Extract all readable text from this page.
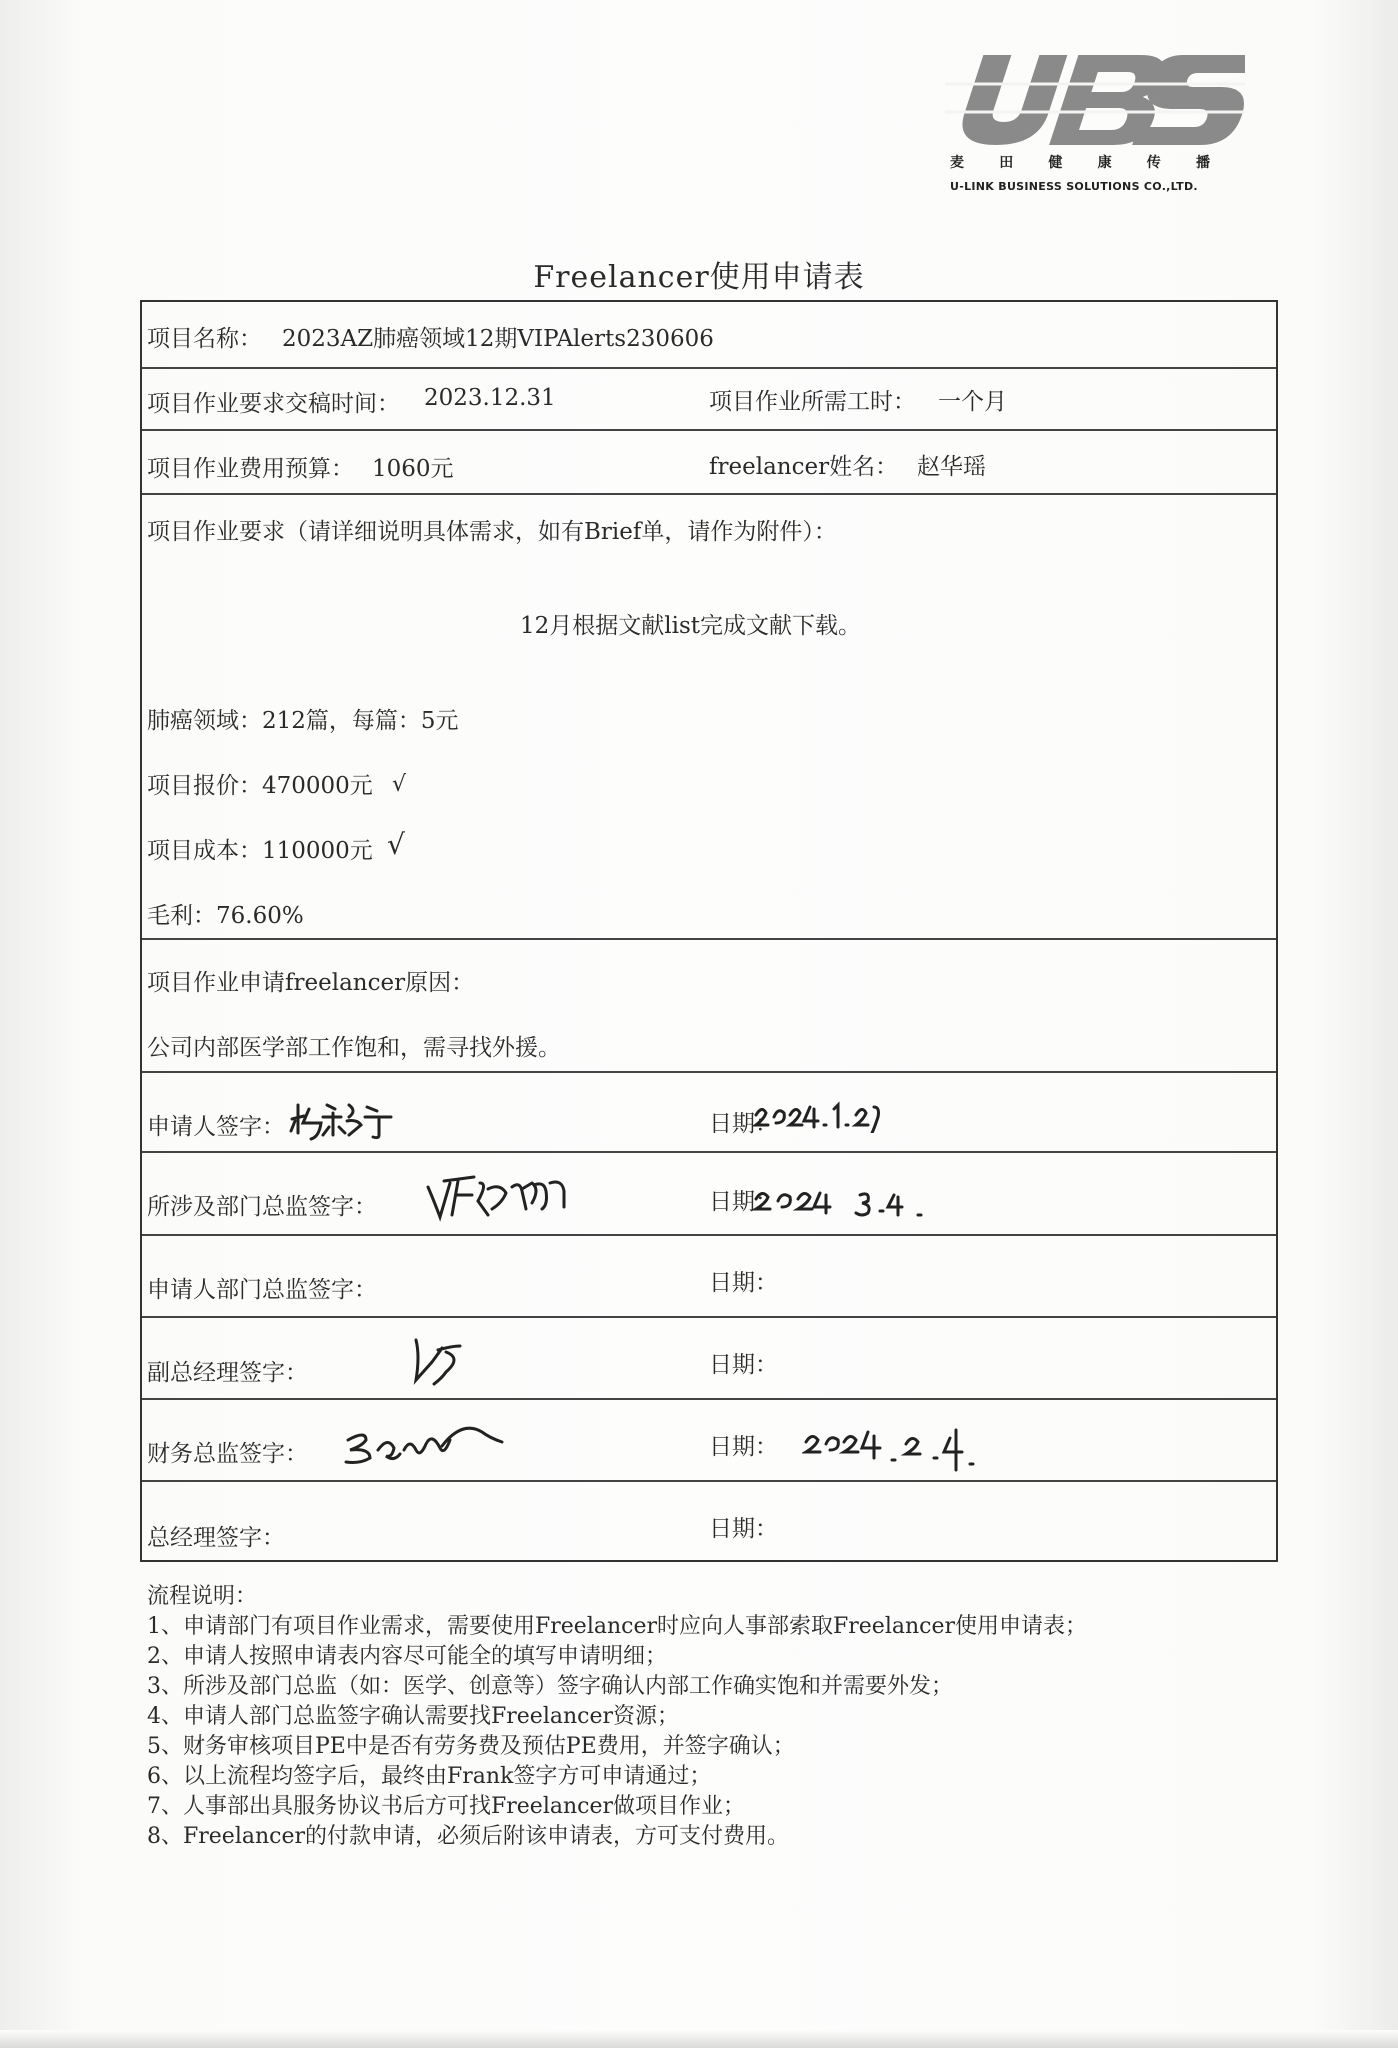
麦	田	健	康	传	播
U-LINK BUSINESS SOLUTIONS CO.,LTD.
Freelancer使用申请表
项目名称： 2023AZ肺癌领域12期VIPAlerts230606
项目作业要求交稿时间： 2023.12.31	项目作业所需工时： 一个月
项目作业费用预算： 1060元	freelancer姓名： 赵华瑶
项目作业要求（请详细说明具体需求，如有Brief单，请作为附件）：
12月根据文献list完成文献下载。
肺癌领域：212篇，每篇：5元
项目报价：470000元 √
项目成本：110000元 √
毛利：76.60%
项目作业申请freelancer原因：
公司内部医学部工作饱和，需寻找外援。
申请人签字：	日期：
所涉及部门总监签字：	日期：
申请人部门总监签字：	日期：
副总经理签字：	日期：
财务总监签字：	日期：
总经理签字：	日期：
流程说明：
1、申请部门有项目作业需求，需要使用Freelancer时应向人事部索取Freelancer使用申请表；
2、申请人按照申请表内容尽可能全的填写申请明细；
3、所涉及部门总监（如：医学、创意等）签字确认内部工作确实饱和并需要外发；
4、申请人部门总监签字确认需要找Freelancer资源；
5、财务审核项目PE中是否有劳务费及预估PE费用，并签字确认；
6、以上流程均签字后，最终由Frank签字方可申请通过；
7、人事部出具服务协议书后方可找Freelancer做项目作业；
8、Freelancer的付款申请，必须后附该申请表，方可支付费用。
